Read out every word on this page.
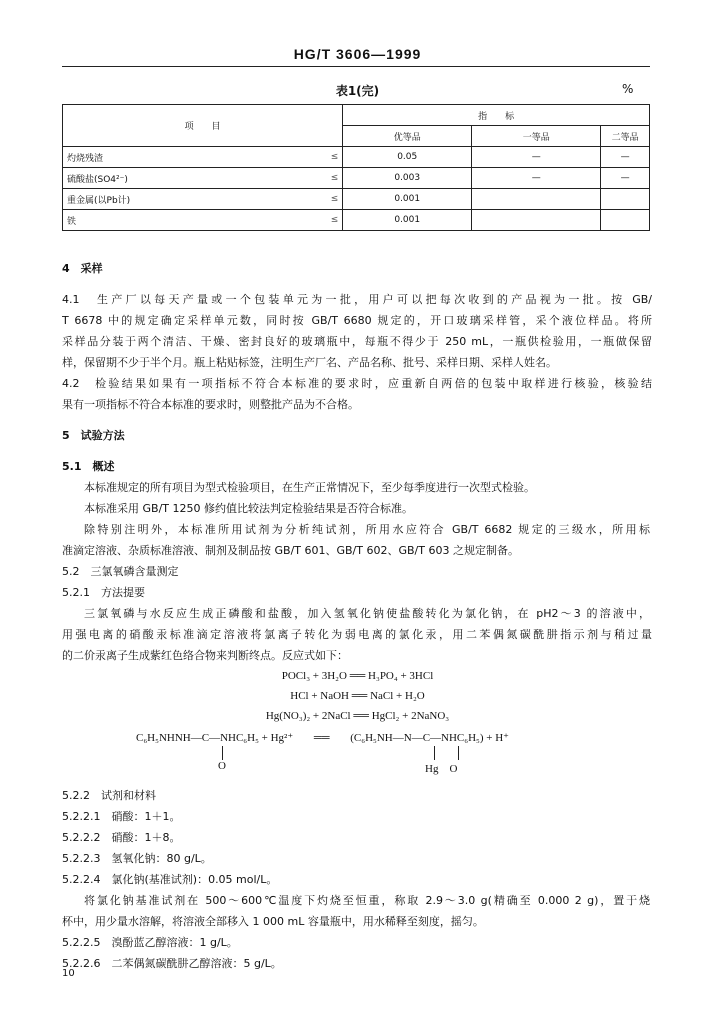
HG/T 3606—1999
表1(完)	%
项　　目		指　　标		
		优等品	一等品	二等品
灼烧残渣	≤	0.05	—	—
硫酸盐(SO4²⁻)	≤	0.003	—	—
重金属(以Pb计)	≤	0.001		
铁	≤	0.001		
4　采样
4.1　生产厂以每天产量或一个包装单元为一批，用户可以把每次收到的产品视为一批。按 GB/
T 6678 中的规定确定采样单元数，同时按 GB/T 6680 规定的，开口玻璃采样管，采个液位样品。将所
采样品分装于两个清洁、干燥、密封良好的玻璃瓶中，每瓶不得少于 250 mL，一瓶供检验用，一瓶做保留
样，保留期不少于半个月。瓶上粘贴标签，注明生产厂名、产品名称、批号、采样日期、采样人姓名。
4.2　检验结果如果有一项指标不符合本标准的要求时，应重新自两倍的包装中取样进行核验，核验结
果有一项指标不符合本标准的要求时，则整批产品为不合格。
5　试验方法
5.1　概述
本标准规定的所有项目为型式检验项目，在生产正常情况下，至少每季度进行一次型式检验。
本标准采用 GB/T 1250 修约值比较法判定检验结果是否符合标准。
除特别注明外，本标准所用试剂为分析纯试剂，所用水应符合 GB/T 6682 规定的三级水，所用标
准滴定溶液、杂质标准溶液、制剂及制品按 GB/T 601、GB/T 602、GB/T 603 之规定制备。
5.2　三氯氧磷含量测定
5.2.1　方法提要
三氯氧磷与水反应生成正磷酸和盐酸，加入氢氧化钠使盐酸转化为氯化钠，在 pH2～3 的溶液中，
用强电离的硝酸汞标准滴定溶液将氯离子转化为弱电离的氯化汞，用二苯偶氮碳酰肼指示剂与稍过量
的二价汞离子生成紫红色络合物来判断终点。反应式如下：
POCl₃ + 3H₂O ══ H₃PO₄ + 3HCl
HCl + NaOH ══ NaCl + H₂O
Hg(NO₃)₂ + 2NaCl ══ HgCl₂ + 2NaNO₃
C₆H₅NHNH—C—NHC₆H₅ + Hg²⁺ ══ (C₆H₅NH—N—C—NHC₆H₅) + H⁺
O	Hg　O
5.2.2　试剂和材料
5.2.2.1　硝酸：1＋1。
5.2.2.2　硝酸：1＋8。
5.2.2.3　氢氧化钠：80 g/L。
5.2.2.4　氯化钠(基准试剂)：0.05 mol/L。
将氯化钠基准试剂在 500～600℃温度下灼烧至恒重，称取 2.9～3.0 g(精确至 0.000 2 g)，置于烧
杯中，用少量水溶解，将溶液全部移入 1 000 mL 容量瓶中，用水稀释至刻度，摇匀。
5.2.2.5　溴酚蓝乙醇溶液：1 g/L。
5.2.2.6　二苯偶氮碳酰肼乙醇溶液：5 g/L。
10
